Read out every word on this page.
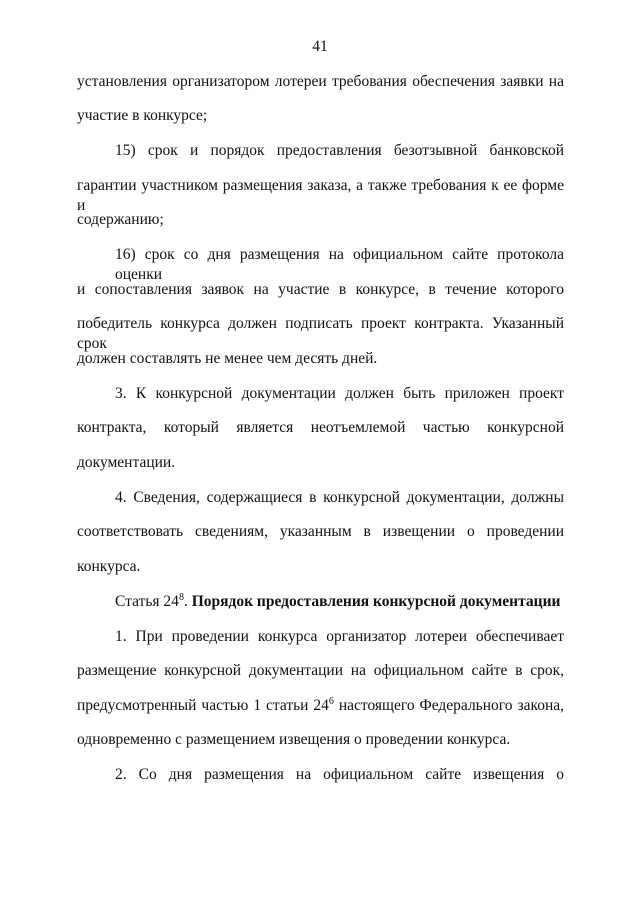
41
установления организатором лотереи требования обеспечения заявки на
участие в конкурсе;
15) срок и порядок предоставления безотзывной банковской
гарантии участником размещения заказа, а также требования к ее форме и
содержанию;
16) срок со дня размещения на официальном сайте протокола оценки
и сопоставления заявок на участие в конкурсе, в течение которого
победитель конкурса должен подписать проект контракта. Указанный срок
должен составлять не менее чем десять дней.
3. К конкурсной документации должен быть приложен проект
контракта, который является неотъемлемой частью конкурсной
документации.
4. Сведения, содержащиеся в конкурсной документации, должны
соответствовать сведениям, указанным в извещении о проведении
конкурса.
Статья $24^8$. Порядок предоставления конкурсной документации
1. При проведении конкурса организатор лотереи обеспечивает
размещение конкурсной документации на официальном сайте в срок,
предусмотренный частью 1 статьи $24^6$ настоящего Федерального закона,
одновременно с размещением извещения о проведении конкурса.
2. Со дня размещения на официальном сайте извещения о
